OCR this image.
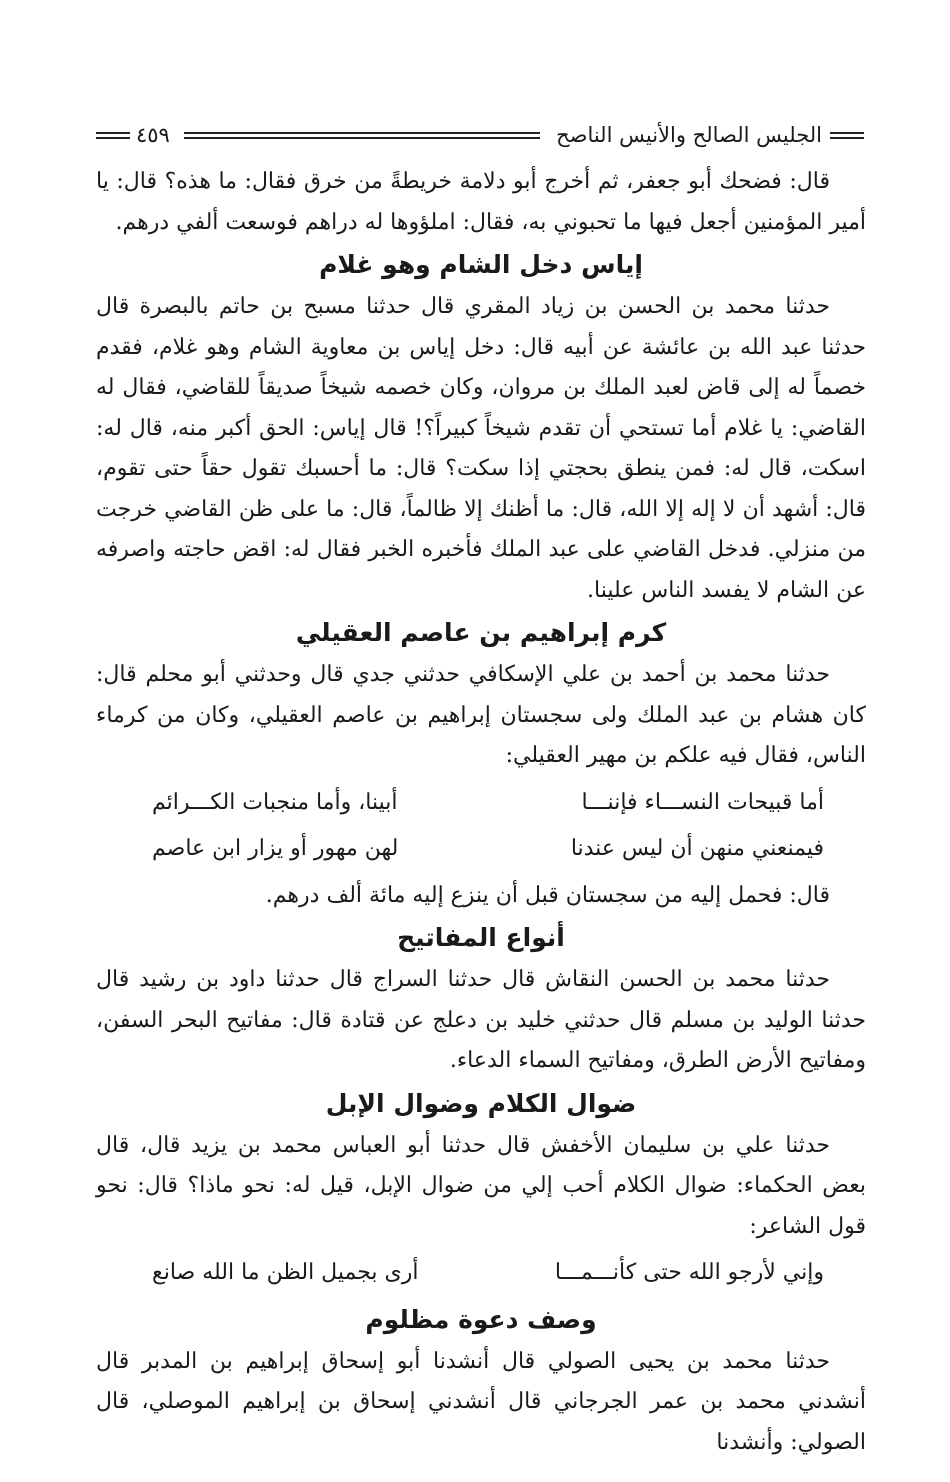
الجليس الصالح والأنيس الناصح
٤٥٩

قال: فضحك أبو جعفر، ثم أخرج أبو دلامة خريطةً من خرق فقال: ما هذه؟ قال: يا أمير المؤمنين أجعل فيها ما تحبوني به، فقال: املؤوها له دراهم فوسعت ألفي درهم.

إياس دخل الشام وهو غلام

حدثنا محمد بن الحسن بن زياد المقري قال حدثنا مسبح بن حاتم بالبصرة قال حدثنا عبد الله بن عائشة عن أبيه قال: دخل إياس بن معاوية الشام وهو غلام، فقدم خصماً له إلى قاض لعبد الملك بن مروان، وكان خصمه شيخاً صديقاً للقاضي، فقال له القاضي: يا غلام أما تستحي أن تقدم شيخاً كبيراً؟! قال إياس: الحق أكبر منه، قال له: اسكت، قال له: فمن ينطق بحجتي إذا سكت؟ قال: ما أحسبك تقول حقاً حتى تقوم، قال: أشهد أن لا إله إلا الله، قال: ما أظنك إلا ظالماً، قال: ما على ظن القاضي خرجت من منزلي. فدخل القاضي على عبد الملك فأخبره الخبر فقال له: اقض حاجته واصرفه عن الشام لا يفسد الناس علينا.

كرم إبراهيم بن عاصم العقيلي

حدثنا محمد بن أحمد بن علي الإسكافي حدثني جدي قال وحدثني أبو محلم قال: كان هشام بن عبد الملك ولى سجستان إبراهيم بن عاصم العقيلي، وكان من كرماء الناس، فقال فيه علكم بن مهير العقيلي:

أما قبيحات النســـاء فإننـــا
أبينا، وأما منجبات الكـــرائم
فيمنعني منهن أن ليس عندنا
لهن مهور أو يزار ابن عاصم

قال: فحمل إليه من سجستان قبل أن ينزع إليه مائة ألف درهم.

أنواع المفاتيح

حدثنا محمد بن الحسن النقاش قال حدثنا السراج قال حدثنا داود بن رشيد قال حدثنا الوليد بن مسلم قال حدثني خليد بن دعلج عن قتادة قال: مفاتيح البحر السفن، ومفاتيح الأرض الطرق، ومفاتيح السماء الدعاء.

ضوال الكلام وضوال الإبل

حدثنا علي بن سليمان الأخفش قال حدثنا أبو العباس محمد بن يزيد قال، قال بعض الحكماء: ضوال الكلام أحب إلي من ضوال الإبل، قيل له: نحو ماذا؟ قال: نحو قول الشاعر:

وإني لأرجو الله حتى كأنـــمـــا
أرى بجميل الظن ما الله صانع
وصف دعوة مظلوم

حدثنا محمد بن يحيى الصولي قال أنشدنا أبو إسحاق إبراهيم بن المدبر قال أنشدني محمد بن عمر الجرجاني قال أنشدني إسحاق بن إبراهيم الموصلي، قال الصولي: وأنشدنا
